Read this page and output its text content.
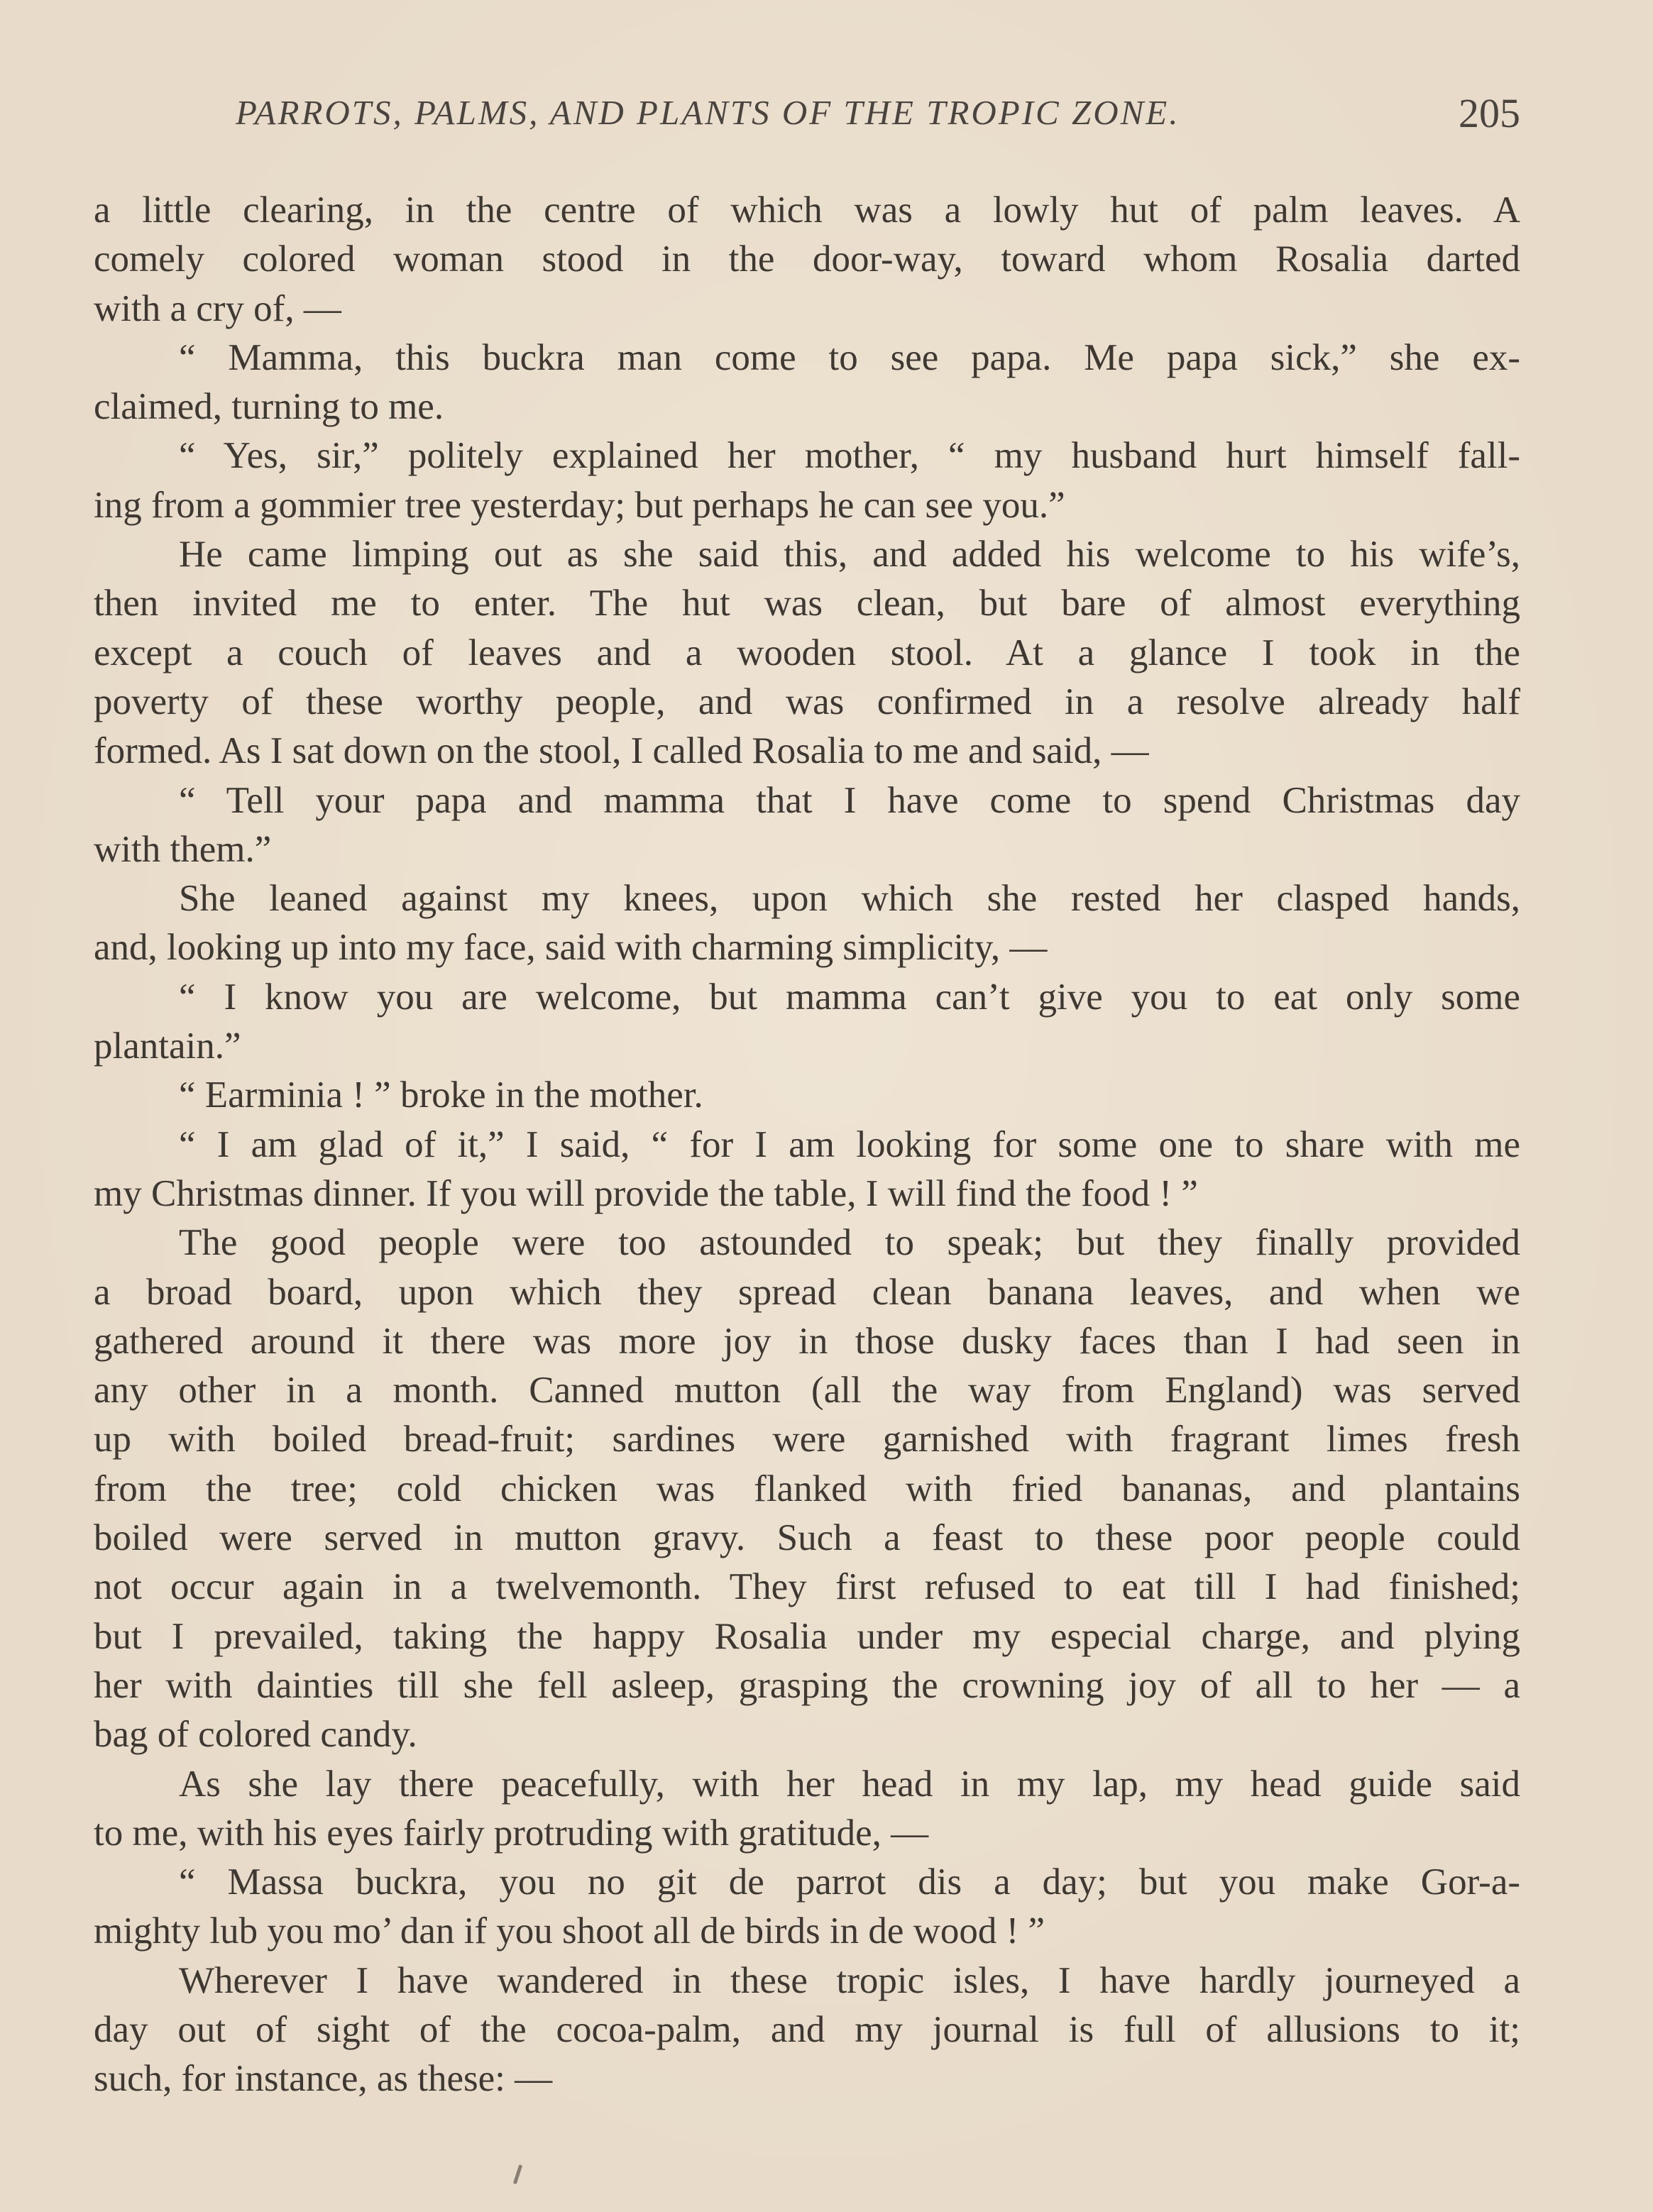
PARROTS, PALMS, AND PLANTS OF THE TROPIC ZONE.	205
a little clearing, in the centre of which was a lowly hut of palm leaves. A
comely colored woman stood in the door-way, toward whom Rosalia darted
with a cry of, —
“ Mamma, this buckra man come to see papa. Me papa sick,” she ex-
claimed, turning to me.
“ Yes, sir,” politely explained her mother, “ my husband hurt himself fall-
ing from a gommier tree yesterday; but perhaps he can see you.”
He came limping out as she said this, and added his welcome to his wife’s,
then invited me to enter. The hut was clean, but bare of almost everything
except a couch of leaves and a wooden stool. At a glance I took in the
poverty of these worthy people, and was confirmed in a resolve already half
formed. As I sat down on the stool, I called Rosalia to me and said, —
“ Tell your papa and mamma that I have come to spend Christmas day
with them.”
She leaned against my knees, upon which she rested her clasped hands,
and, looking up into my face, said with charming simplicity, —
“ I know you are welcome, but mamma can’t give you to eat only some
plantain.”
“ Earminia ! ” broke in the mother.
“ I am glad of it,” I said, “ for I am looking for some one to share with me
my Christmas dinner. If you will provide the table, I will find the food ! ”
The good people were too astounded to speak; but they finally provided
a broad board, upon which they spread clean banana leaves, and when we
gathered around it there was more joy in those dusky faces than I had seen in
any other in a month. Canned mutton (all the way from England) was served
up with boiled bread-fruit; sardines were garnished with fragrant limes fresh
from the tree; cold chicken was flanked with fried bananas, and plantains
boiled were served in mutton gravy. Such a feast to these poor people could
not occur again in a twelvemonth. They first refused to eat till I had finished;
but I prevailed, taking the happy Rosalia under my especial charge, and plying
her with dainties till she fell asleep, grasping the crowning joy of all to her — a
bag of colored candy.
As she lay there peacefully, with her head in my lap, my head guide said
to me, with his eyes fairly protruding with gratitude, —
“ Massa buckra, you no git de parrot dis a day; but you make Gor-a-
mighty lub you mo’ dan if you shoot all de birds in de wood ! ”
Wherever I have wandered in these tropic isles, I have hardly journeyed a
day out of sight of the cocoa-palm, and my journal is full of allusions to it;
such, for instance, as these: —
